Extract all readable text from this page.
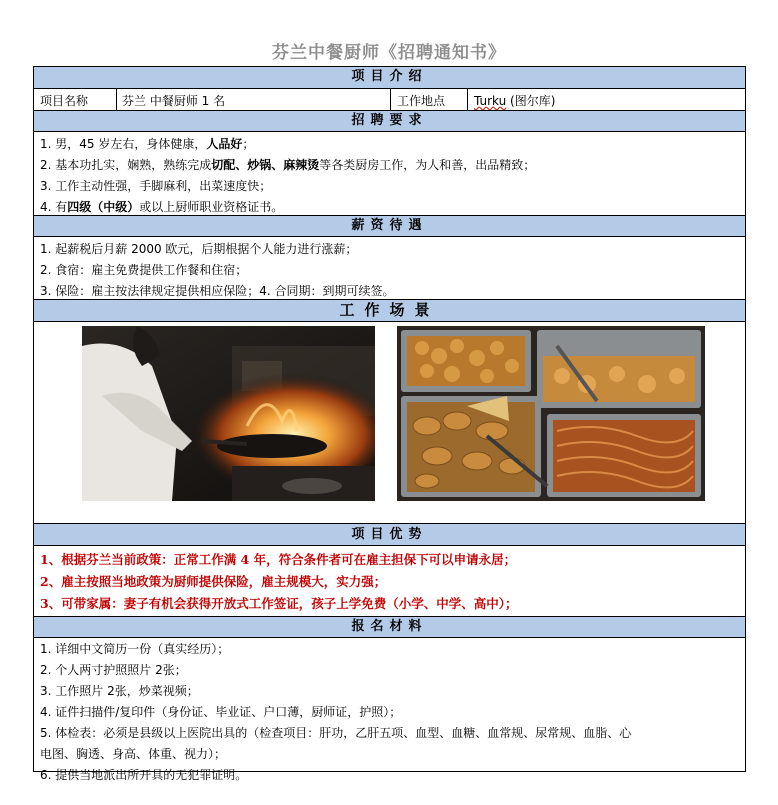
芬兰中餐厨师《招聘通知书》
项目介绍
项目名称	芬兰 中餐厨师 1 名	工作地点 Turku (图尔库)
招聘要求
1. 男，45 岁左右，身体健康，人品好；
2. 基本功扎实，娴熟，熟练完成切配、炒锅、麻辣烫等各类厨房工作，为人和善，出品精致；
3. 工作主动性强，手脚麻利，出菜速度快；
4. 有四级（中级）或以上厨师职业资格证书。
薪资待遇
1. 起薪税后月薪 2000 欧元，后期根据个人能力进行涨薪；
2. 食宿：雇主免费提供工作餐和住宿；
3. 保险：雇主按法律规定提供相应保险；4. 合同期：到期可续签。
工作场景
项目优势
1、根据芬兰当前政策：正常工作满 4 年，符合条件者可在雇主担保下可以申请永居；
2、雇主按照当地政策为厨师提供保险，雇主规模大，实力强；
3、可带家属：妻子有机会获得开放式工作签证，孩子上学免费（小学、中学、高中）；
报名材料
1. 详细中文简历一份（真实经历）；
2. 个人两寸护照照片 2张；
3. 工作照片 2张，炒菜视频；
4. 证件扫描件/复印件（身份证、毕业证、户口薄，厨师证，护照）；
5. 体检表：必须是县级以上医院出具的（检查项目：肝功，乙肝五项、血型、血糖、血常规、尿常规、血脂、心
电图、胸透、身高、体重、视力）；
6. 提供当地派出所开具的无犯罪证明。
